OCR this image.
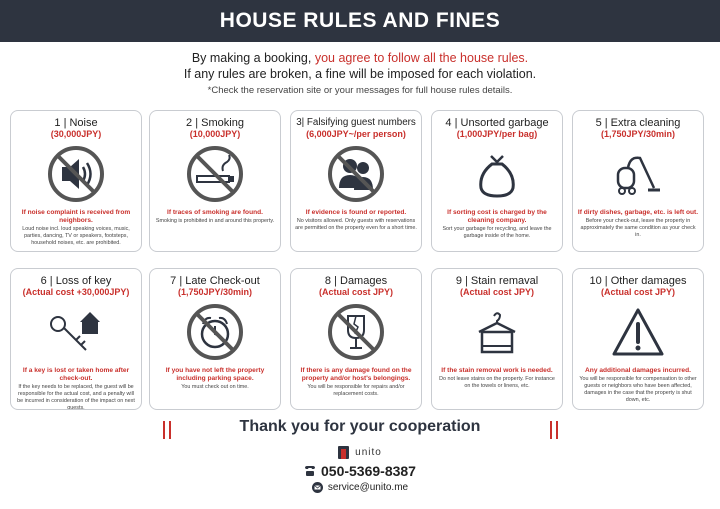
HOUSE RULES AND FINES
By making a booking, you agree to follow all the house rules.
If any rules are broken, a fine will be imposed for each violation.
*Check the reservation site or your messages for full house rules details.
1 | Noise
(30,000JPY)
If noise complaint is received from neighbors.
Loud noise incl. loud speaking voices, music, parties, dancing, TV or speakers, footsteps, household noises, etc. are prohibited.
2 | Smoking
(10,000JPY)
If traces of smoking are found.
Smoking is prohibited in and around this property.
3| Falsifying guest numbers
(6,000JPY~/per person)
If evidence is found or reported.
No visitors allowed. Only guests with reservations are permitted on the property even for a short time.
4 | Unsorted garbage
(1,000JPY/per bag)
If sorting cost is charged by the cleaning company.
Sort your garbage for recycling, and leave the garbage inside of the home.
5 | Extra cleaning
(1,750JPY/30min)
If dirty dishes, garbage, etc. is left out.
Before your check-out, leave the property in approximately the same condition as your check in.
6 | Loss of key
(Actual cost +30,000JPY)
If a key is lost or taken home after check-out.
If the key needs to be replaced, the guest will be responsible for the actual cost, and a penalty will be incurred in consideration of the impact on next guests.
7 | Late Check-out
(1,750JPY/30min)
If you have not left the property including parking space.
You must check out on time.
8 | Damages
(Actual cost JPY)
If there is any damage found on the property and/or host's belongings.
You will be responsible for repairs and/or replacement costs.
9 | Stain remaval
(Actual cost JPY)
If the stain removal work is needed.
Do not leave stains on the property. For instance on the towels or linens, etc.
10 | Other damages
(Actual cost JPY)
Any additional damages incurred.
You will be responsible for compensation to other guests or neighbors who have been affected, damages in the case that the property is shut down, etc.
Thank you for your cooperation
unito
050-5369-8387
service@unito.me
